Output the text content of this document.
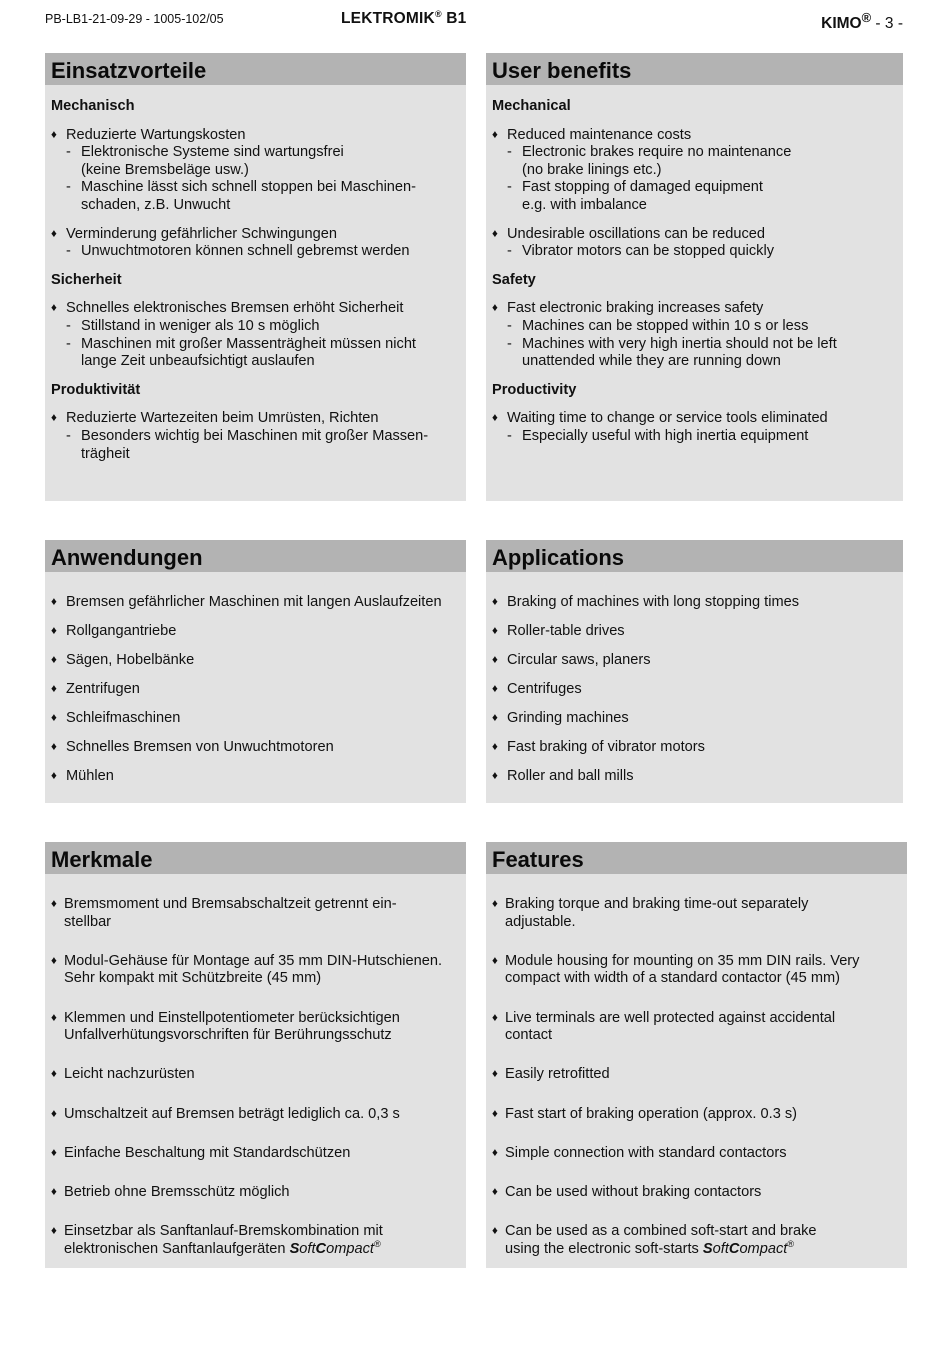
PB-LB1-21-09-29 - 1005-102/05	LEKTROMIK® B1	KIMO® - 3 -
Einsatzvorteile
Mechanisch
♦ Reduzierte Wartungskosten
- Elektronische Systeme sind wartungsfrei
(keine Bremsbeläge usw.)
- Maschine lässt sich schnell stoppen bei Maschinen-
schaden, z.B. Unwucht
♦ Verminderung gefährlicher Schwingungen
- Unwuchtmotoren können schnell gebremst werden
Sicherheit
♦ Schnelles elektronisches Bremsen erhöht Sicherheit
- Stillstand in weniger als 10 s möglich
- Maschinen mit großer Massenträgheit müssen nicht
lange Zeit unbeaufsichtigt auslaufen
Produktivität
♦ Reduzierte Wartezeiten beim Umrüsten, Richten
- Besonders wichtig bei Maschinen mit großer Massen-
trägheit
User benefits
Mechanical
♦ Reduced maintenance costs
- Electronic brakes require no maintenance
(no brake linings etc.)
- Fast stopping of damaged equipment
e.g. with imbalance
♦ Undesirable oscillations can be reduced
- Vibrator motors can be stopped quickly
Safety
♦ Fast electronic braking increases safety
- Machines can be stopped within 10 s or less
- Machines with very high inertia should not be left
unattended while they are running down
Productivity
♦ Waiting time to change or service tools eliminated
- Especially useful with high inertia equipment
Anwendungen
♦ Bremsen gefährlicher Maschinen mit langen Auslaufzeiten
♦ Rollgangantriebe
♦ Sägen, Hobelbänke
♦ Zentrifugen
♦ Schleifmaschinen
♦ Schnelles Bremsen von Unwuchtmotoren
♦ Mühlen
Applications
♦ Braking of machines with long stopping times
♦ Roller-table drives
♦ Circular saws, planers
♦ Centrifuges
♦ Grinding machines
♦ Fast braking of vibrator motors
♦ Roller and ball mills
Merkmale
♦ Bremsmoment und Bremsabschaltzeit getrennt ein-
stellbar
♦ Modul-Gehäuse für Montage auf 35 mm DIN-Hutschienen.
Sehr kompakt mit Schützbreite (45 mm)
♦ Klemmen und Einstellpotentiometer berücksichtigen
Unfallverhütungsvorschriften für Berührungsschutz
♦ Leicht nachzurüsten
♦ Umschaltzeit auf Bremsen beträgt lediglich ca. 0,3 s
♦ Einfache Beschaltung mit Standardschützen
♦ Betrieb ohne Bremsschütz möglich
♦ Einsetzbar als Sanftanlauf-Bremskombination mit
elektronischen Sanftanlaufgeräten SoftCompact®
Features
♦ Braking torque and braking time-out separately
adjustable.
♦ Module housing for mounting on 35 mm DIN rails. Very
compact with width of a standard contactor (45 mm)
♦ Live terminals are well protected against accidental
contact
♦ Easily retrofitted
♦ Fast start of braking operation (approx. 0.3 s)
♦ Simple connection with standard contactors
♦ Can be used without braking contactors
♦ Can be used as a combined soft-start and brake
using the electronic soft-starts SoftCompact®
